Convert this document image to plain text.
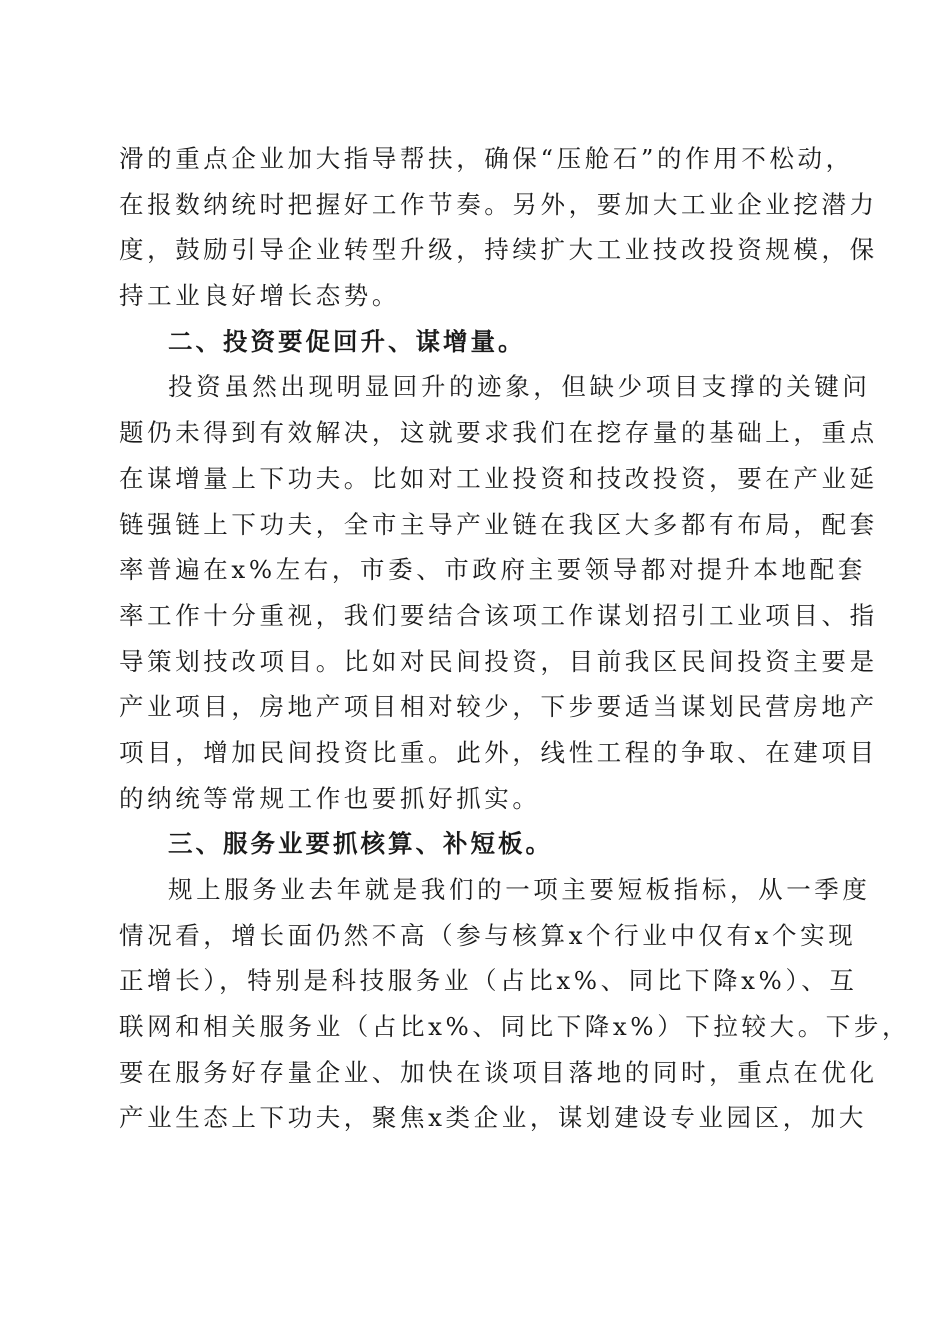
滑的重点企业加大指导帮扶，确保“压舱石”的作用不松动，
在报数纳统时把握好工作节奏。另外，要加大工业企业挖潜力
度，鼓励引导企业转型升级，持续扩大工业技改投资规模，保
持工业良好增长态势。
二、投资要促回升、谋增量。
投资虽然出现明显回升的迹象，但缺少项目支撑的关键问
题仍未得到有效解决，这就要求我们在挖存量的基础上，重点
在谋增量上下功夫。比如对工业投资和技改投资，要在产业延
链强链上下功夫，全市主导产业链在我区大多都有布局，配套
率普遍在x%左右，市委、市政府主要领导都对提升本地配套
率工作十分重视，我们要结合该项工作谋划招引工业项目、指
导策划技改项目。比如对民间投资，目前我区民间投资主要是
产业项目，房地产项目相对较少，下步要适当谋划民营房地产
项目，增加民间投资比重。此外，线性工程的争取、在建项目
的纳统等常规工作也要抓好抓实。
三、服务业要抓核算、补短板。
规上服务业去年就是我们的一项主要短板指标，从一季度
情况看，增长面仍然不高（参与核算x个行业中仅有x个实现
正增长），特别是科技服务业（占比x%、同比下降x%）、互
联网和相关服务业（占比x%、同比下降x%）下拉较大。下步，
要在服务好存量企业、加快在谈项目落地的同时，重点在优化
产业生态上下功夫，聚焦x类企业，谋划建设专业园区，加大
